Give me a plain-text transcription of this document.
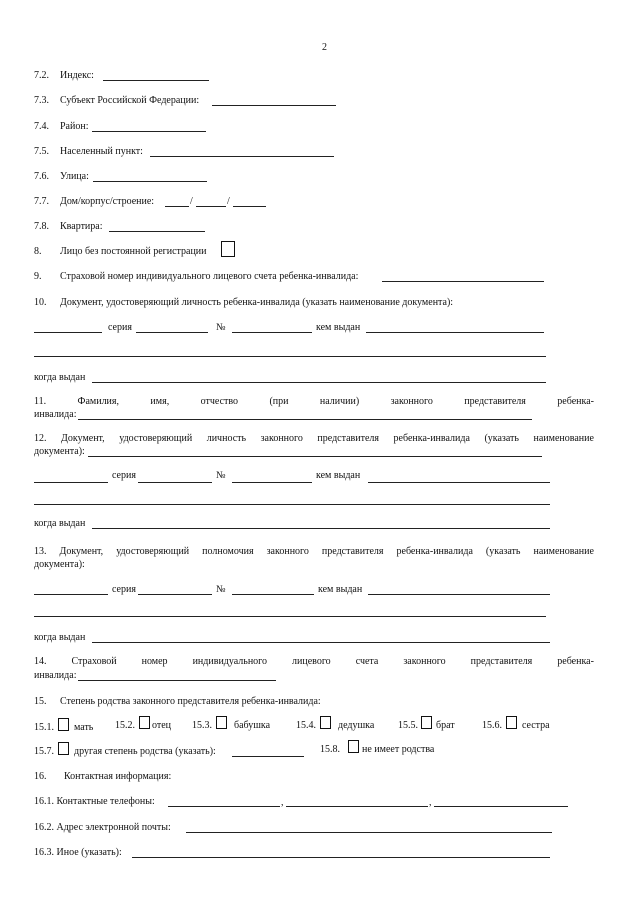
2
7.2. Индекс:
7.3. Субъект Российской Федерации:
7.4. Район:
7.5. Населенный пункт:
7.6. Улица:
7.7. Дом/корпус/строение:	/	/
7.8. Квартира:
8. Лицо без постоянной регистрации
9. Страховой номер индивидуального лицевого счета ребенка-инвалида:
10. Документ, удостоверяющий личность ребенка-инвалида (указать наименование документа):
серия	№	кем выдан
когда выдан
11.	Фамилия,	имя,	отчество	(при	наличии)	законного	представителя	ребенка-
инвалида:
12. Документ, удостоверяющий личность законного представителя ребенка-инвалида (указать наименование
документа):
серия	№	кем выдан
когда выдан
13. Документ, удостоверяющий полномочия законного представителя ребенка-инвалида (указать наименование
документа):
серия	№	кем выдан
когда выдан
14.	Страховой	номер	индивидуального	лицевого	счета	законного	представителя	ребенка-
инвалида:
15. Степень родства законного представителя ребенка-инвалида:
15.1. мать 15.2. отец 15.3. бабушка	15.4. дедушка 15.5. брат	15.6. сестра
15.7. другая степень родства (указать):	15.8. не имеет родства
16. Контактная информация:
16.1. Контактные телефоны:	,	,
16.2. Адрес электронной почты:
16.3. Иное (указать):
